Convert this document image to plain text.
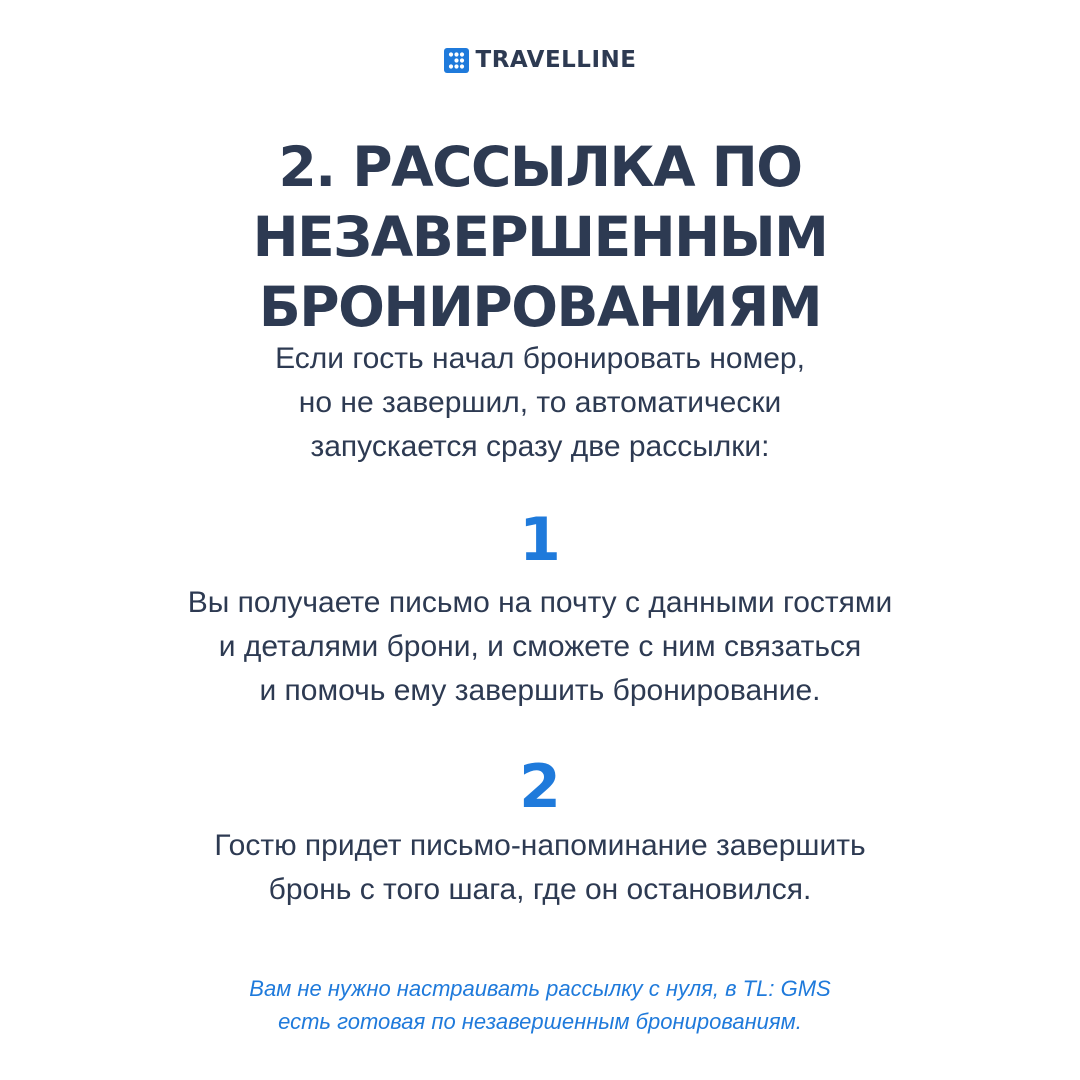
TRAVELLINE
2. РАССЫЛКА ПО НЕЗАВЕРШЕННЫМ
БРОНИРОВАНИЯМ

Если гость начал бронировать номер,
но не завершил, то автоматически
запускается сразу две рассылки:

1

Вы получаете письмо на почту с данными гостями
и деталями брони, и сможете с ним связаться
и помочь ему завершить бронирование.

2

Гостю придет письмо-напоминание завершить
бронь с того шага, где он остановился.

Вам не нужно настраивать рассылку с нуля, в TL: GMS
есть готовая по незавершенным бронированиям.
